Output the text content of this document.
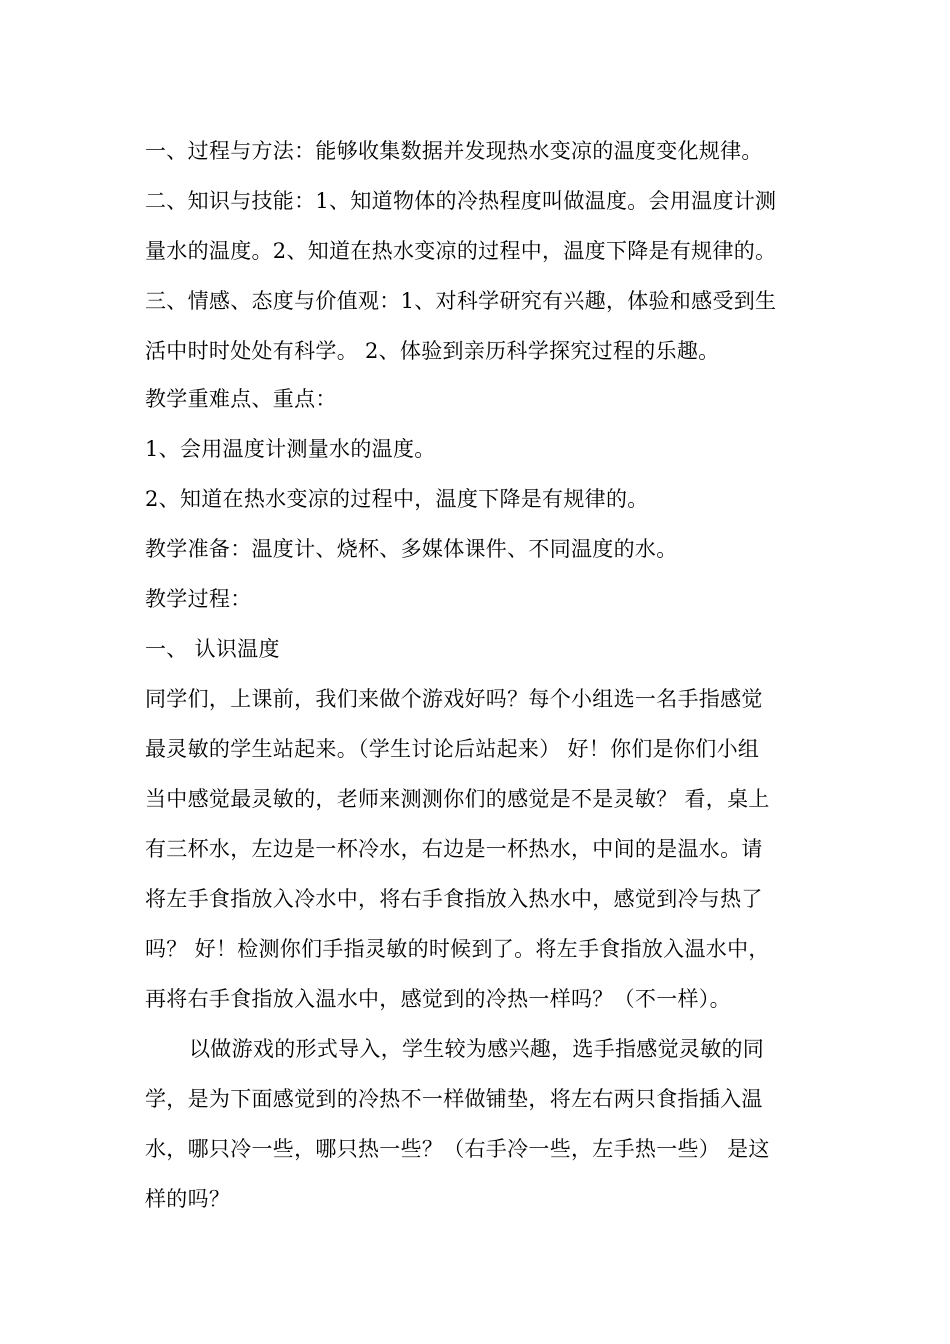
一、过程与方法：能够收集数据并发现热水变凉的温度变化规律。
二、知识与技能：1、知道物体的冷热程度叫做温度。会用温度计测
量水的温度。2、知道在热水变凉的过程中，温度下降是有规律的。
三、情感、态度与价值观：1、对科学研究有兴趣，体验和感受到生
活中时时处处有科学。 2、体验到亲历科学探究过程的乐趣。
教学重难点、重点：
1、会用温度计测量水的温度。
2、知道在热水变凉的过程中，温度下降是有规律的。
教学准备：温度计、烧杯、多媒体课件、不同温度的水。
教学过程：
一、 认识温度
同学们，上课前，我们来做个游戏好吗？每个小组选一名手指感觉
最灵敏的学生站起来。（学生讨论后站起来） 好！你们是你们小组
当中感觉最灵敏的，老师来测测你们的感觉是不是灵敏？ 看，桌上
有三杯水，左边是一杯冷水，右边是一杯热水，中间的是温水。请
将左手食指放入冷水中，将右手食指放入热水中，感觉到冷与热了
吗？ 好！检测你们手指灵敏的时候到了。将左手食指放入温水中，
再将右手食指放入温水中，感觉到的冷热一样吗？（不一样）。
以做游戏的形式导入，学生较为感兴趣，选手指感觉灵敏的同
学，是为下面感觉到的冷热不一样做铺垫，将左右两只食指插入温
水，哪只冷一些，哪只热一些？（右手冷一些，左手热一些） 是这
样的吗？
